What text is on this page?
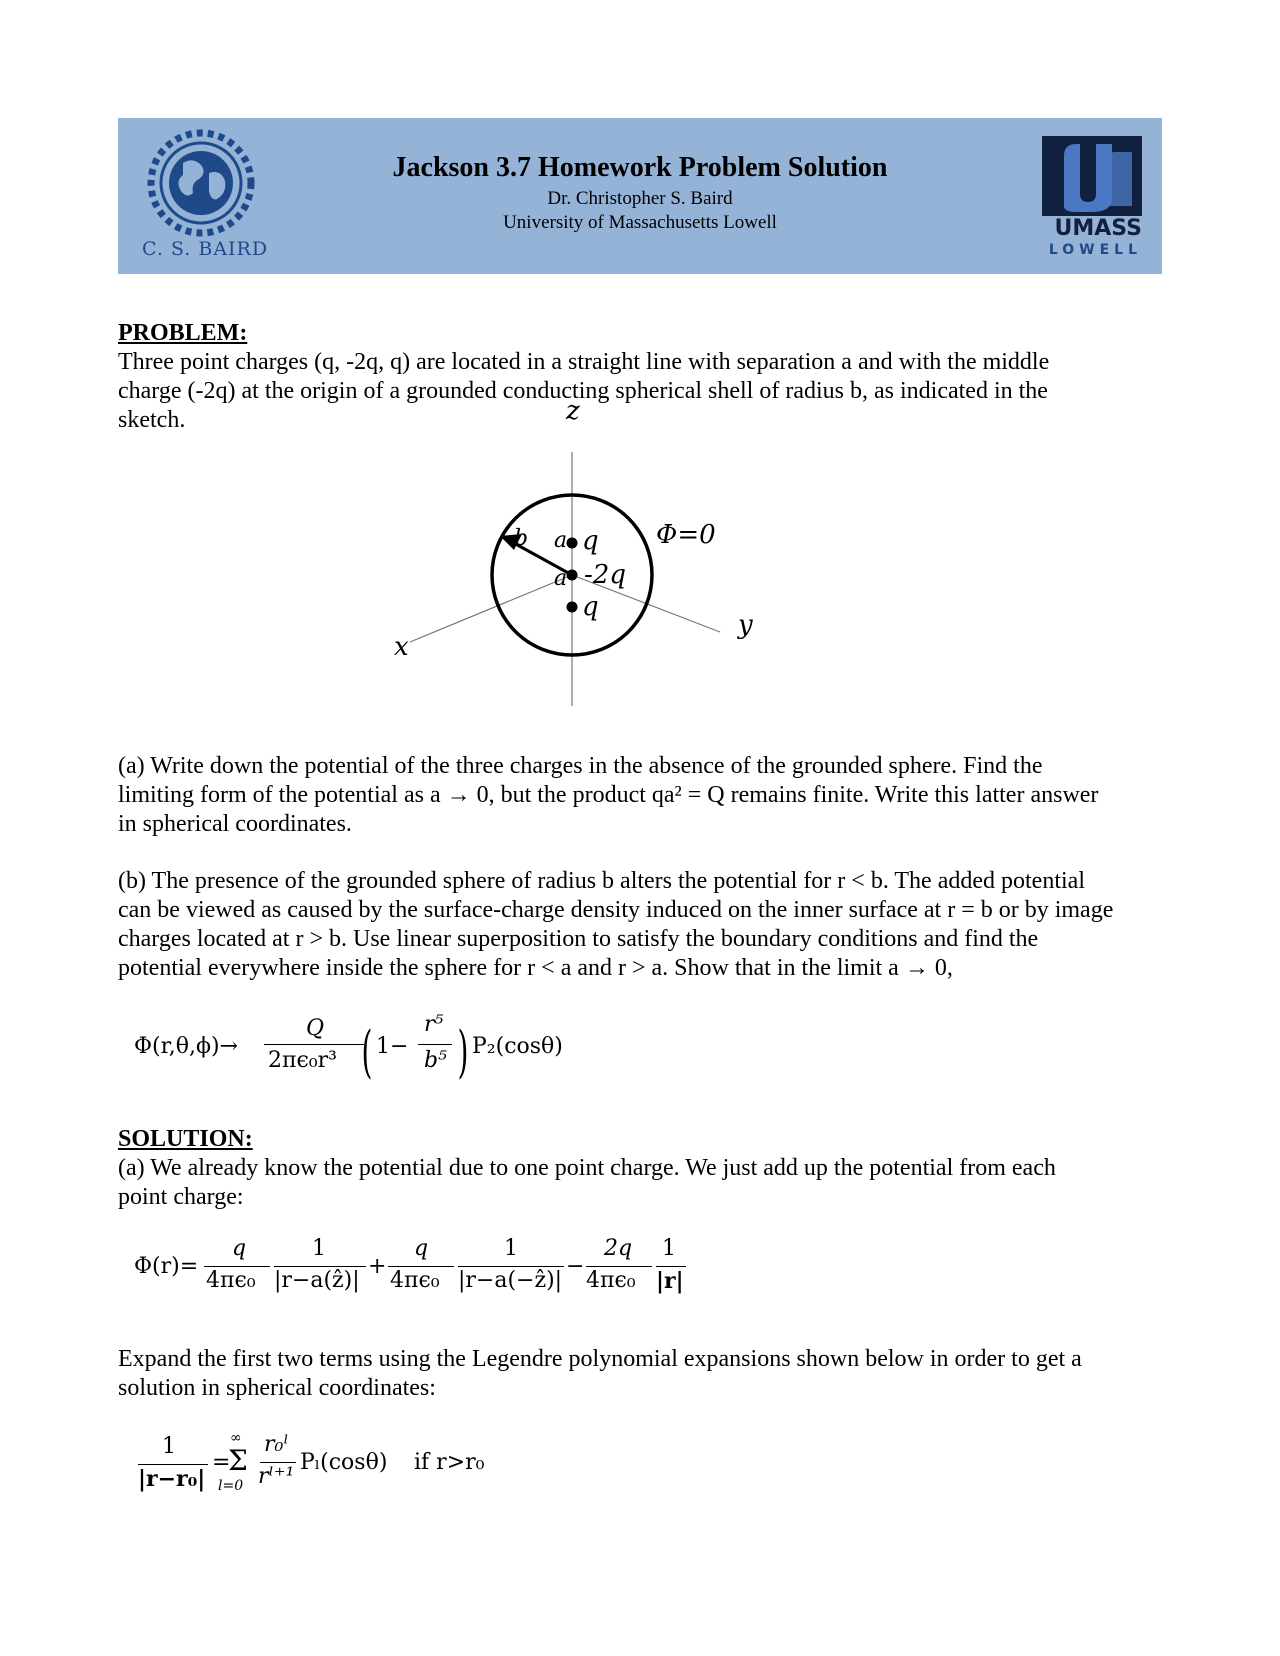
C. S. BAIRD
Jackson 3.7 Homework Problem Solution
Dr. Christopher S. Baird
University of Massachusetts Lowell	UMASS
LOWELL
PROBLEM:
Three point charges (q, -2q, q) are located in a straight line with separation a and with the middle
charge (-2q) at the origin of a grounded conducting spherical shell of radius b, as indicated in the
sketch.	z
x
y
b a
a
q
-2q
q
Φ=0
(a) Write down the potential of the three charges in the absence of the grounded sphere. Find the
limiting form of the potential as a → 0, but the product qa² = Q remains finite. Write this latter answer
in spherical coordinates.
(b) The presence of the grounded sphere of radius b alters the potential for r < b. The added potential
can be viewed as caused by the surface-charge density induced on the inner surface at r = b or by image
charges located at r > b. Use linear superposition to satisfy the boundary conditions and find the
potential everywhere inside the sphere for r < a and r > a. Show that in the limit a → 0,
Φ(r,θ,ϕ)→
Q
2πϵ₀r³ ( 1−
r⁵
b⁵ ) P₂(cosθ)
SOLUTION:
(a) We already know the potential due to one point charge. We just add up the potential from each
point charge:
Φ(r)=
q
4πϵ₀
1
|r−a(ẑ)|
+
q
4πϵ₀
1
|r−a(−ẑ)|
−
2q
4πϵ₀
1
|r|
Expand the first two terms using the Legendre polynomial expansions shown below in order to get a
solution in spherical coordinates:
1
|r−r₀|
=
∞
Σ
l=0
r₀ˡ
rˡ⁺¹
Pₗ(cosθ) if r>r₀
